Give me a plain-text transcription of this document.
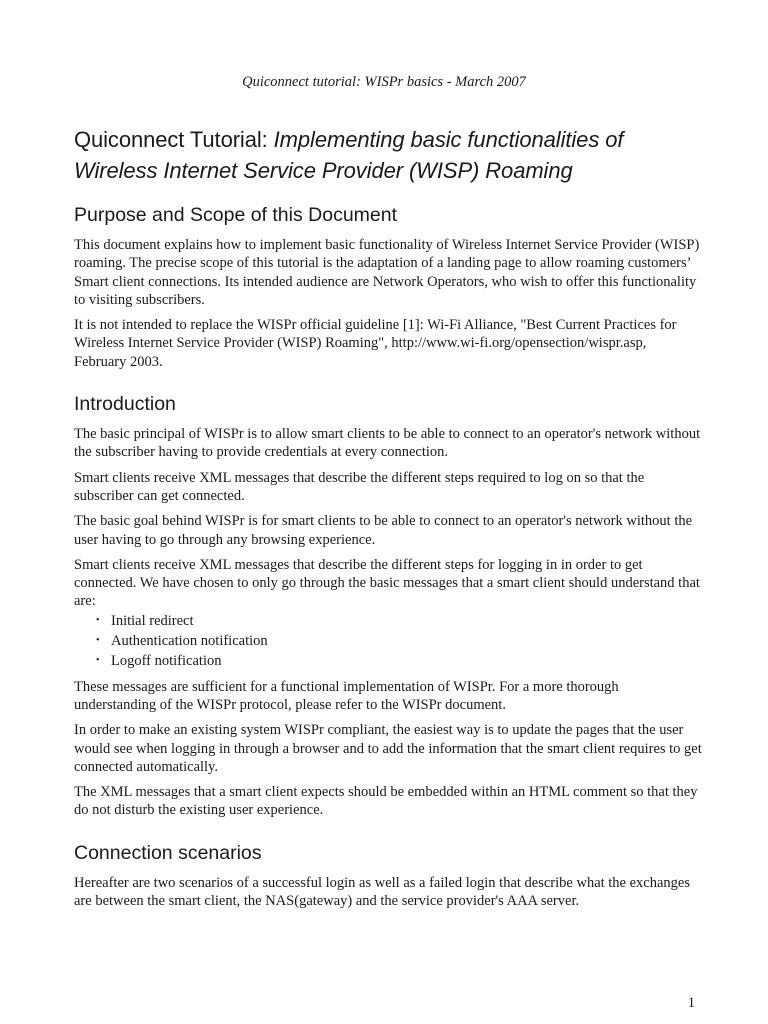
Quiconnect tutorial: WISPr basics - March 2007
Quiconnect Tutorial: Implementing basic functionalities of Wireless Internet Service Provider (WISP) Roaming
Purpose and Scope of this Document

This document explains how to implement basic functionality of Wireless Internet Service Provider (WISP) roaming. The precise scope of this tutorial is the adaptation of a landing page to allow roaming customers’ Smart client connections. Its intended audience are Network Operators, who wish to offer this functionality to visiting subscribers.

It is not intended to replace the WISPr official guideline [1]: Wi-Fi Alliance, "Best Current Practices for Wireless Internet Service Provider (WISP) Roaming", http://www.wi-fi.org/opensection/wispr.asp, February 2003.

Introduction

The basic principal of WISPr is to allow smart clients to be able to connect to an operator's network without the subscriber having to provide credentials at every connection.

Smart clients receive XML messages that describe the different steps required to log on so that the subscriber can get connected.

The basic goal behind WISPr is for smart clients to be able to connect to an operator's network without the user having to go through any browsing experience.

Smart clients receive XML messages that describe the different steps for logging in in order to get connected. We have chosen to only go through the basic messages that a smart client should understand that are:

• Initial redirect
• Authentication notification
• Logoff notification

These messages are sufficient for a functional implementation of WISPr. For a more thorough understanding of the WISPr protocol, please refer to the WISPr document.

In order to make an existing system WISPr compliant, the easiest way is to update the pages that the user would see when logging in through a browser and to add the information that the smart client requires to get connected automatically.

The XML messages that a smart client expects should be embedded within an HTML comment so that they do not disturb the existing user experience.

Connection scenarios

Hereafter are two scenarios of a successful login as well as a failed login that describe what the exchanges are between the smart client, the NAS(gateway) and the service provider's AAA server.

1
